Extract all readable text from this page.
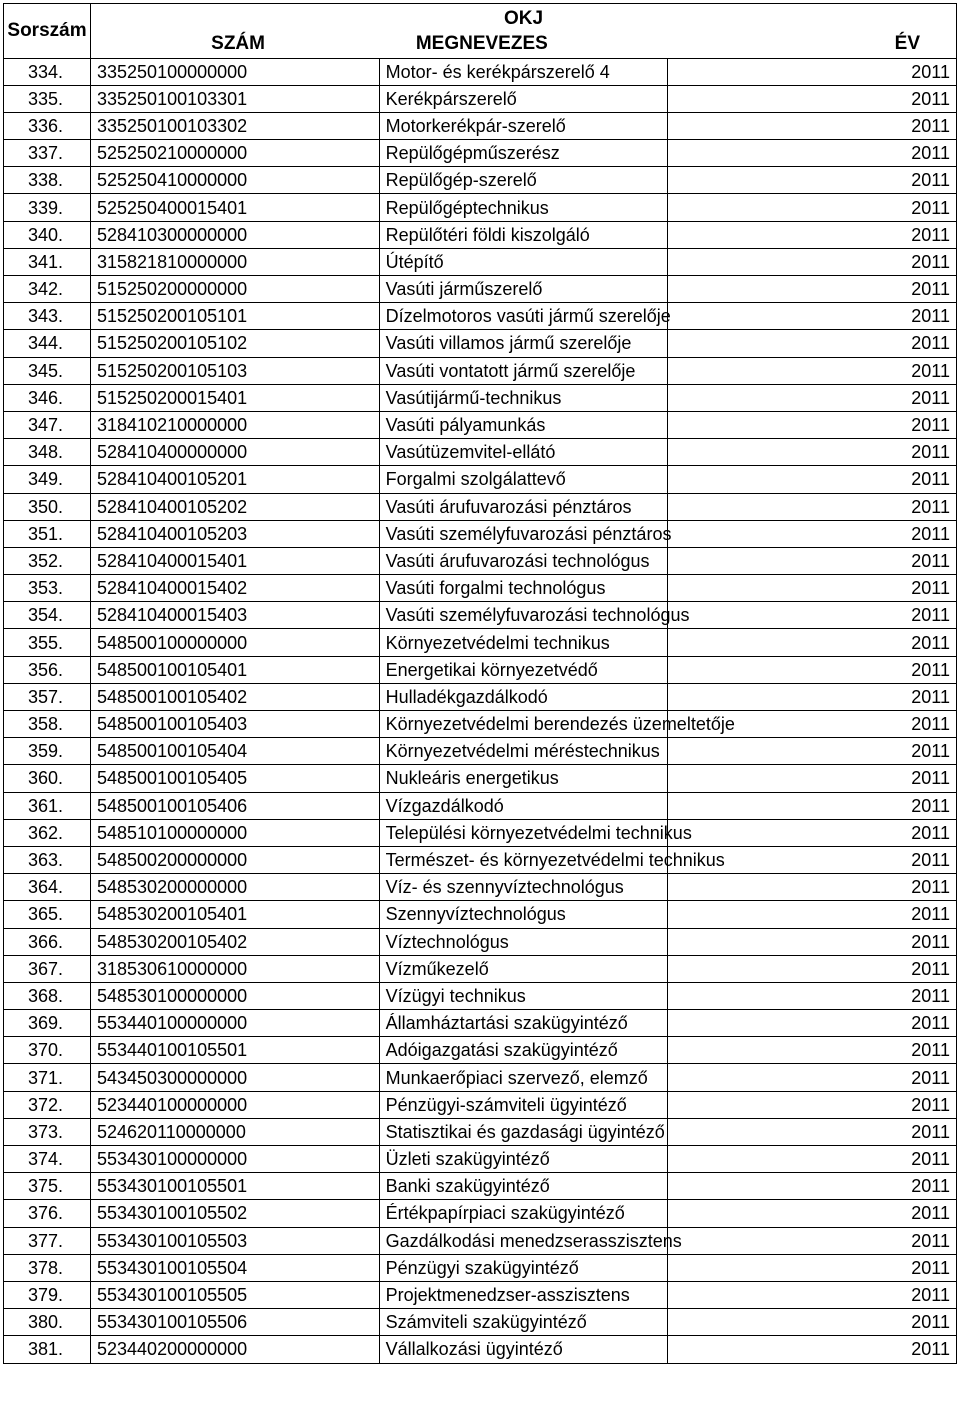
Sorszám	OKJ		
	SZÁM	MEGNEVEZES	ÉV
334.	335250100000000	Motor- és kerékpárszerelő 4	2011
335.	335250100103301	Kerékpárszerelő	2011
336.	335250100103302	Motorkerékpár-szerelő	2011
337.	525250210000000	Repülőgépműszerész	2011
338.	525250410000000	Repülőgép-szerelő	2011
339.	525250400015401	Repülőgéptechnikus	2011
340.	528410300000000	Repülőtéri földi kiszolgáló	2011
341.	315821810000000	Útépítő	2011
342.	515250200000000	Vasúti járműszerelő	2011
343.	515250200105101	Dízelmotoros vasúti jármű szerelője	2011
344.	515250200105102	Vasúti villamos jármű szerelője	2011
345.	515250200105103	Vasúti vontatott jármű szerelője	2011
346.	515250200015401	Vasútijármű-technikus	2011
347.	318410210000000	Vasúti pályamunkás	2011
348.	528410400000000	Vasútüzemvitel-ellátó	2011
349.	528410400105201	Forgalmi szolgálattevő	2011
350.	528410400105202	Vasúti árufuvarozási pénztáros	2011
351.	528410400105203	Vasúti személyfuvarozási pénztáros	2011
352.	528410400015401	Vasúti árufuvarozási technológus	2011
353.	528410400015402	Vasúti forgalmi technológus	2011
354.	528410400015403	Vasúti személyfuvarozási technológus	2011
355.	548500100000000	Környezetvédelmi technikus	2011
356.	548500100105401	Energetikai környezetvédő	2011
357.	548500100105402	Hulladékgazdálkodó	2011
358.	548500100105403	Környezetvédelmi berendezés üzemeltetője	2011
359.	548500100105404	Környezetvédelmi méréstechnikus	2011
360.	548500100105405	Nukleáris energetikus	2011
361.	548500100105406	Vízgazdálkodó	2011
362.	548510100000000	Települési környezetvédelmi technikus	2011
363.	548500200000000	Természet- és környezetvédelmi technikus	2011
364.	548530200000000	Víz- és szennyvíztechnológus	2011
365.	548530200105401	Szennyvíztechnológus	2011
366.	548530200105402	Víztechnológus	2011
367.	318530610000000	Vízműkezelő	2011
368.	548530100000000	Vízügyi technikus	2011
369.	553440100000000	Államháztartási szakügyintéző	2011
370.	553440100105501	Adóigazgatási szakügyintéző	2011
371.	543450300000000	Munkaerőpiaci szervező, elemző	2011
372.	523440100000000	Pénzügyi-számviteli ügyintéző	2011
373.	524620110000000	Statisztikai és gazdasági ügyintéző	2011
374.	553430100000000	Üzleti szakügyintéző	2011
375.	553430100105501	Banki szakügyintéző	2011
376.	553430100105502	Értékpapírpiaci szakügyintéző	2011
377.	553430100105503	Gazdálkodási menedzserasszisztens	2011
378.	553430100105504	Pénzügyi szakügyintéző	2011
379.	553430100105505	Projektmenedzser-asszisztens	2011
380.	553430100105506	Számviteli szakügyintéző	2011
381.	523440200000000	Vállalkozási ügyintéző	2011
